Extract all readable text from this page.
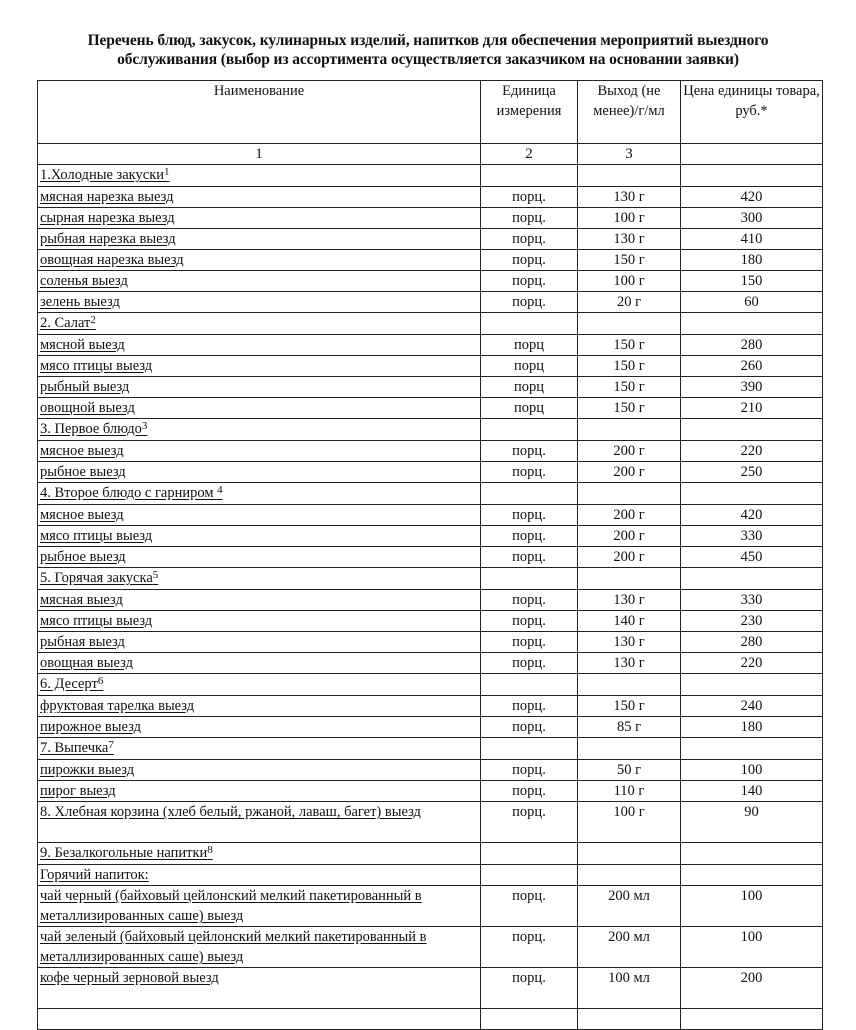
Перечень блюд, закусок, кулинарных изделий, напитков для обеспечения мероприятий выездного
обслуживания (выбор из ассортимента осуществляется заказчиком на основании заявки)
Наименование	Единица измерения	Выход (не менее)/г/мл	Цена единицы товара, руб.*
1	2	3	
1.Холодные закуски$^1$			
мясная нарезка выезд	порц.	130 г	420
сырная нарезка выезд	порц.	100 г	300
рыбная нарезка выезд	порц.	130 г	410
овощная нарезка выезд	порц.	150 г	180
соленья выезд	порц.	100 г	150
зелень выезд	порц.	20 г	60
2. Салат$^2$			
мясной выезд	порц	150 г	280
мясо птицы выезд	порц	150 г	260
рыбный выезд	порц	150 г	390
овощной выезд	порц	150 г	210
3. Первое блюдо$^3$			
мясное выезд	порц.	200 г	220
рыбное выезд	порц.	200 г	250
4. Второе блюдо с гарниром $^4$			
мясное выезд	порц.	200 г	420
мясо птицы выезд	порц.	200 г	330
рыбное выезд	порц.	200 г	450
5. Горячая закуска$^5$			
мясная выезд	порц.	130 г	330
мясо птицы выезд	порц.	140 г	230
рыбная выезд	порц.	130 г	280
овощная выезд	порц.	130 г	220
6. Десерт$^6$			
фруктовая тарелка выезд	порц.	150 г	240
пирожное выезд	порц.	85 г	180
7. Выпечка$^7$			
пирожки выезд	порц.	50 г	100
пирог выезд	порц.	110 г	140
8. Хлебная корзина (хлеб белый, ржаной, лаваш, багет) выезд	порц.	100 г	90
9. Безалкогольные напитки$^8$			
Горячий напиток:			
чай черный (байховый цейлонский мелкий пакетированный в металлизированных саше) выезд	порц.	200 мл	100
чай зеленый (байховый цейлонский мелкий пакетированный в металлизированных саше) выезд	порц.	200 мл	100
кофе черный зерновой выезд	порц.	100 мл	200
